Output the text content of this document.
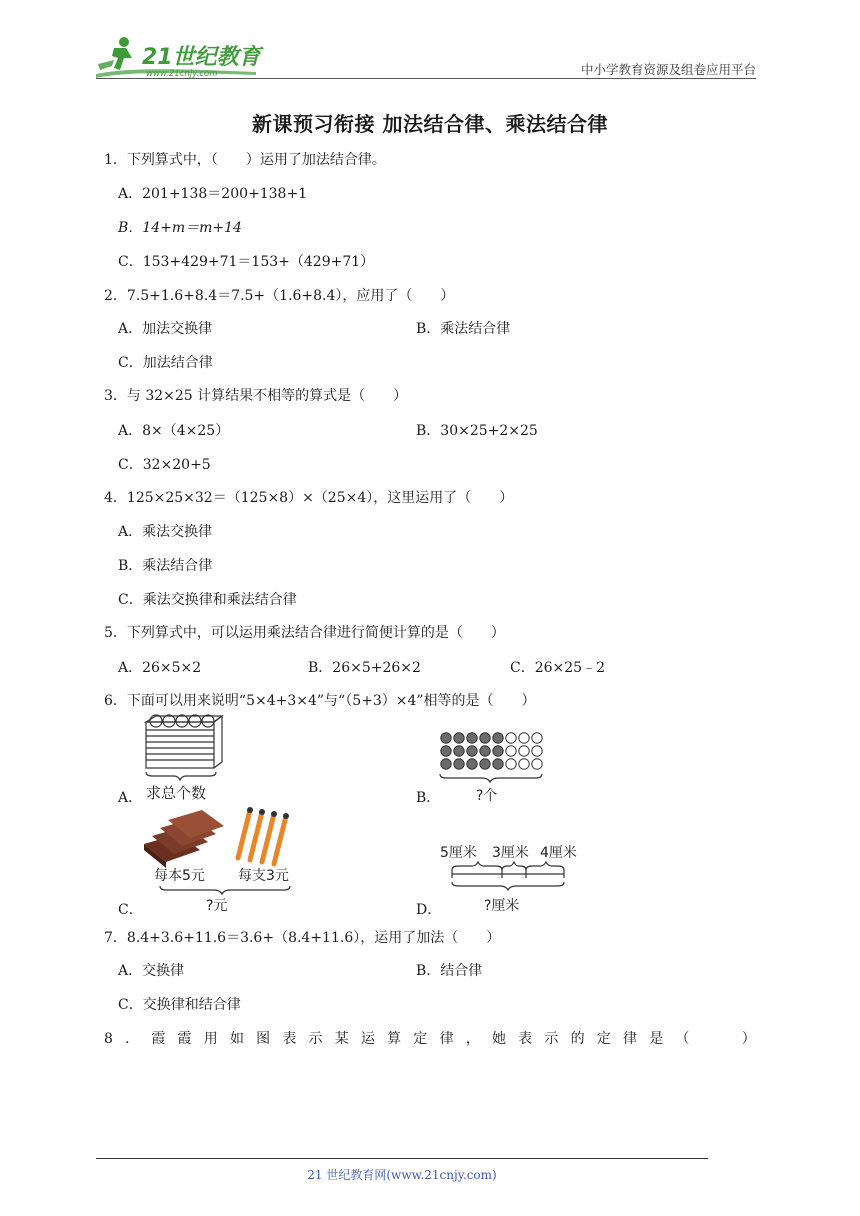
21世纪教育
www.21cnjy.com	中小学教育资源及组卷应用平台
新课预习衔接 加法结合律、乘法结合律
1．下列算式中，（　　）运用了加法结合律。
A．201+138＝200+138+1
B．14+m＝m+14
C．153+429+71＝153+（429+71）
2．7.5+1.6+8.4＝7.5+（1.6+8.4），应用了（　　）
A．加法交换律	B．乘法结合律
C．加法结合律
3．与 32×25 计算结果不相等的算式是（　　）
A．8×（4×25）	B．30×25+2×25
C．32×20+5
4．125×25×32＝（125×8）×（25×4），这里运用了（　　）
A．乘法交换律
B．乘法结合律
C．乘法交换律和乘法结合律
5．下列算式中，可以运用乘法结合律进行简便计算的是（　　）
A．26×5×2	B．26×5+26×2	C．26×25﹣2
6．下面可以用来说明“5×4+3×4”与“（5+3）×4”相等的是（　　）
求总个数
A．	?个
B．
每本5元 每支3元
?元
C．
5厘米 3厘米 4厘米
?厘米
D．
7．8.4+3.6+11.6＝3.6+（8.4+11.6），运用了加法（　　）
A．交换律	B．结合律
C．交换律和结合律
8 ． 霞 霞 用 如 图 表 示 某 运 算 定 律 ， 她 表 示 的 定 律 是 （
　　	）
21 世纪教育网(www.21cnjy.com)
